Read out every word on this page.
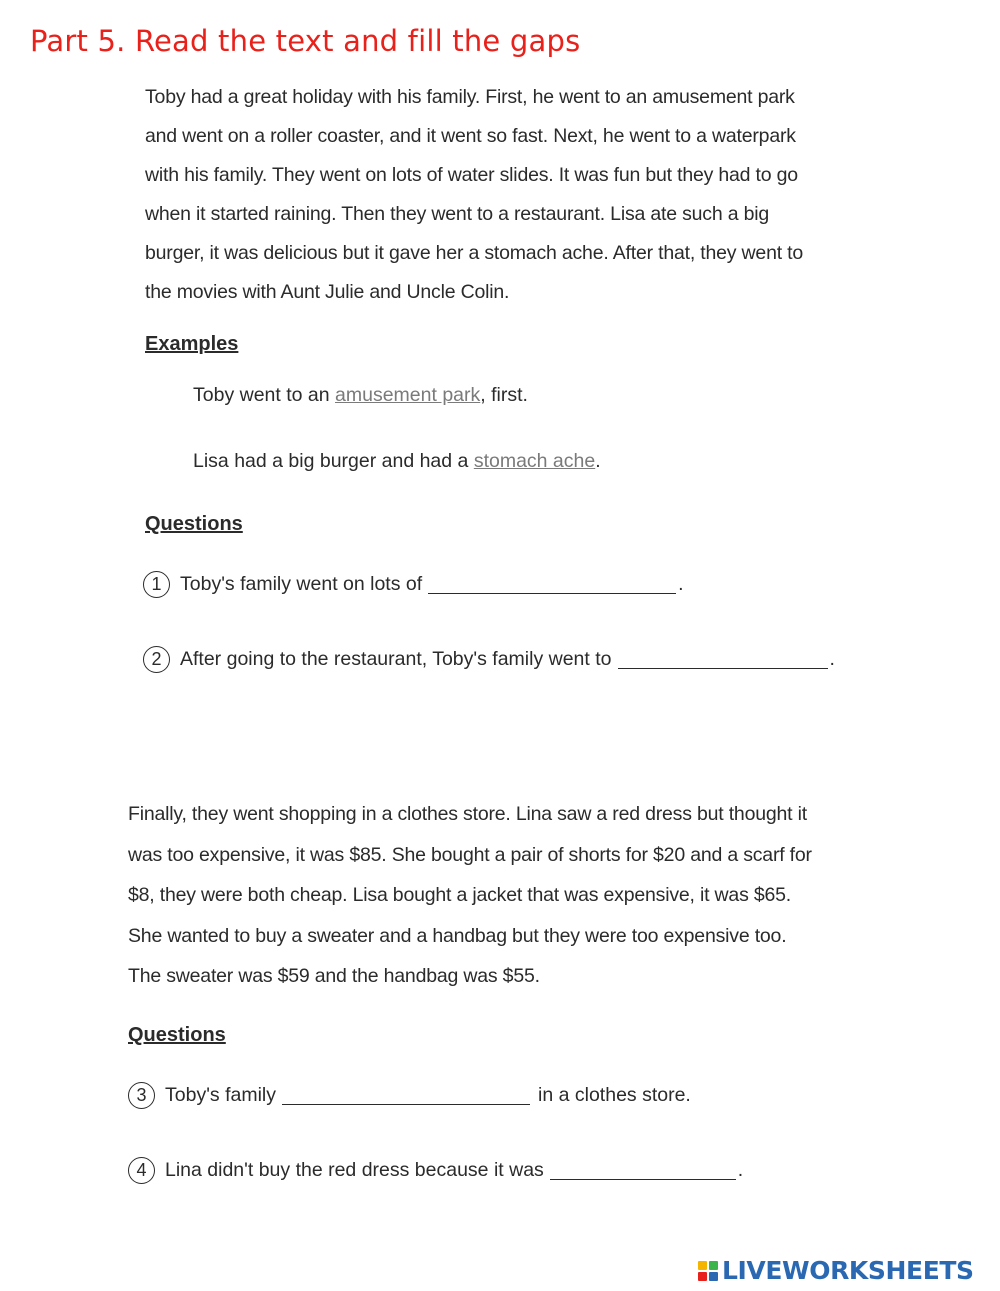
Part 5. Read the text and fill the gaps
Toby had a great holiday with his family. First, he went to an amusement park
and went on a roller coaster, and it went so fast. Next, he went to a waterpark
with his family. They went on lots of water slides. It was fun but they had to go
when it started raining. Then they went to a restaurant. Lisa ate such a big
burger, it was delicious but it gave her a stomach ache. After that, they went to
the movies with Aunt Julie and Uncle Colin.
Examples
Toby went to an amusement park, first.
Lisa had a big burger and had a stomach ache.
Questions
1 Toby's family went on lots of	.
2 After going to the restaurant, Toby's family went to	.
Finally, they went shopping in a clothes store. Lina saw a red dress but thought it
was too expensive, it was $85. She bought a pair of shorts for $20 and a scarf for
$8, they were both cheap. Lisa bought a jacket that was expensive, it was $65.
She wanted to buy a sweater and a handbag but they were too expensive too.
The sweater was $59 and the handbag was $55.
Questions
3 Toby's family	in a clothes store.
4 Lina didn't buy the red dress because it was	.
LIVEWORKSHEETS
